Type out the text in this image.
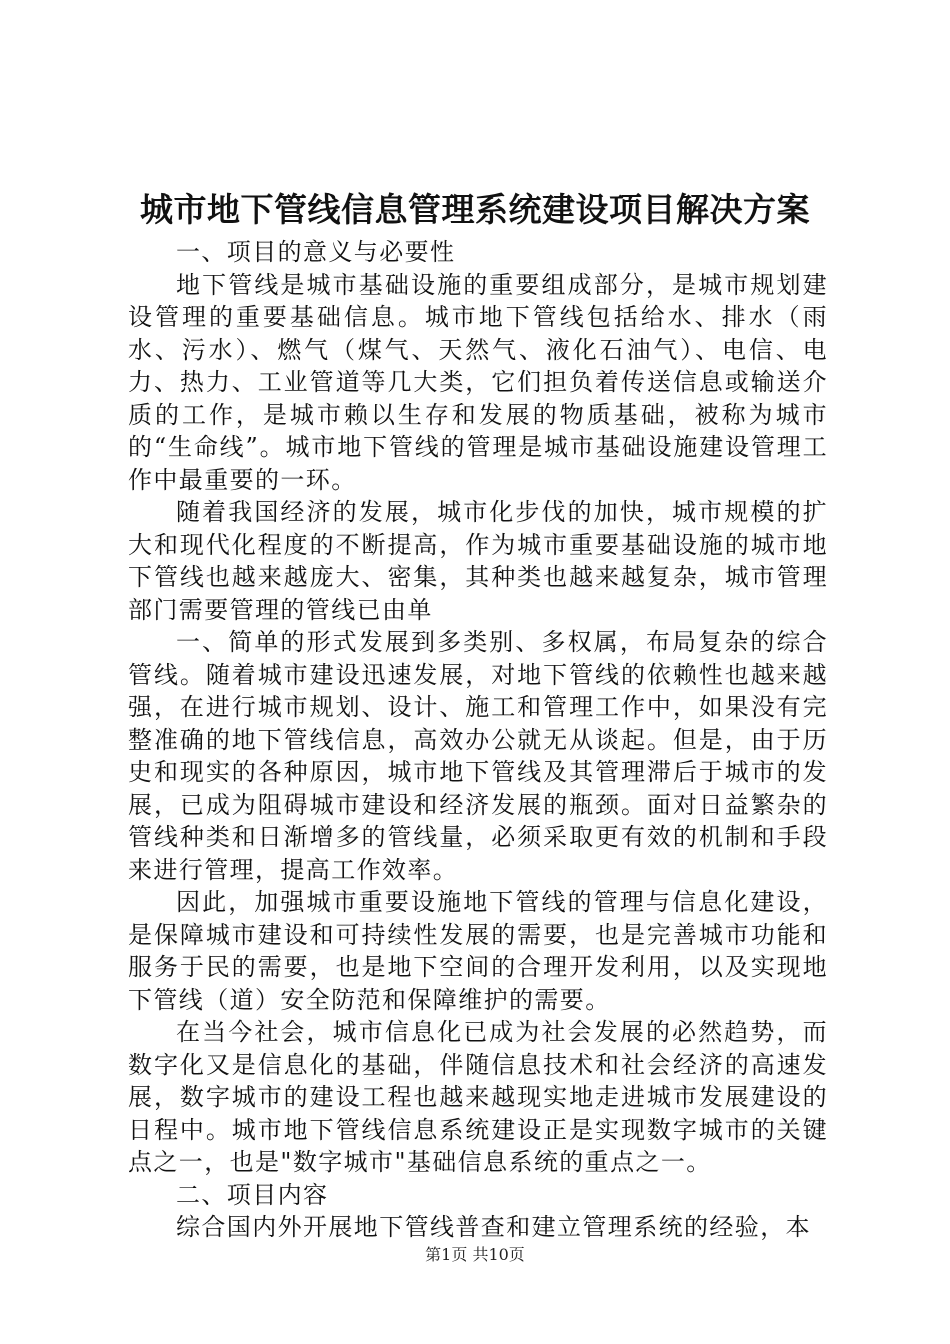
城市地下管线信息管理系统建设项目解决方案

一、项目的意义与必要性

地下管线是城市基础设施的重要组成部分，是城市规划建设管理的重要基础信息。城市地下管线包括给水、排水（雨水、污水）、燃气（煤气、天然气、液化石油气）、电信、电力、热力、工业管道等几大类，它们担负着传送信息或输送介质的工作，是城市赖以生存和发展的物质基础，被称为城市的“生命线”。城市地下管线的管理是城市基础设施建设管理工作中最重要的一环。

随着我国经济的发展，城市化步伐的加快，城市规模的扩大和现代化程度的不断提高，作为城市重要基础设施的城市地下管线也越来越庞大、密集，其种类也越来越复杂，城市管理部门需要管理的管线已由单

一、简单的形式发展到多类别、多权属，布局复杂的综合管线。随着城市建设迅速发展，对地下管线的依赖性也越来越强，在进行城市规划、设计、施工和管理工作中，如果没有完整准确的地下管线信息，高效办公就无从谈起。但是，由于历史和现实的各种原因，城市地下管线及其管理滞后于城市的发展，已成为阻碍城市建设和经济发展的瓶颈。面对日益繁杂的管线种类和日渐增多的管线量，必须采取更有效的机制和手段来进行管理，提高工作效率。

因此，加强城市重要设施地下管线的管理与信息化建设，是保障城市建设和可持续性发展的需要，也是完善城市功能和服务于民的需要，也是地下空间的合理开发利用，以及实现地下管线（道）安全防范和保障维护的需要。

在当今社会，城市信息化已成为社会发展的必然趋势，而数字化又是信息化的基础，伴随信息技术和社会经济的高速发展，数字城市的建设工程也越来越现实地走进城市发展建设的日程中。城市地下管线信息系统建设正是实现数字城市的关键点之一，也是"数字城市"基础信息系统的重点之一。

二、项目内容

综合国内外开展地下管线普查和建立管理系统的经验，本

第1页 共10页
